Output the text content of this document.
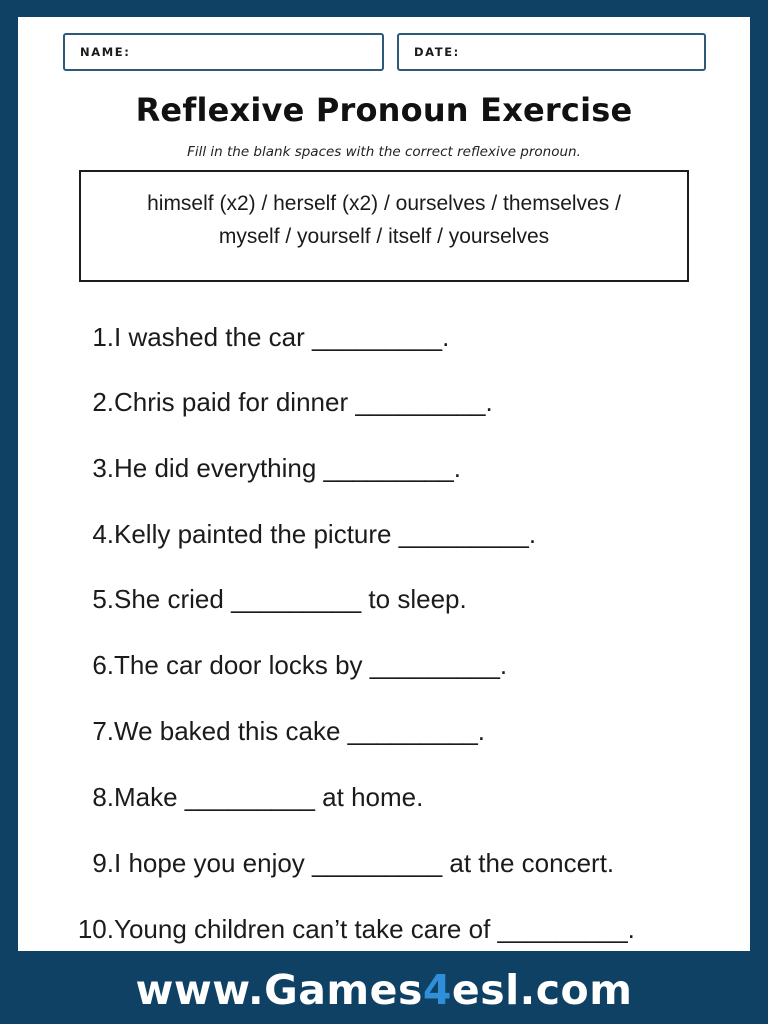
NAME:	DATE:
Reflexive Pronoun Exercise
Fill in the blank spaces with the correct reflexive pronoun.
himself (x2) / herself (x2) / ourselves / themselves /
myself / yourself / itself / yourselves
1. I washed the car _________.
2. Chris paid for dinner _________.
3. He did everything _________.
4. Kelly painted the picture _________.
5. She cried _________ to sleep.
6. The car door locks by _________.
7. We baked this cake _________.
8. Make _________ at home.
9. I hope you enjoy _________ at the concert.
10. Young children can’t take care of _________.
www.Games4esl.com
